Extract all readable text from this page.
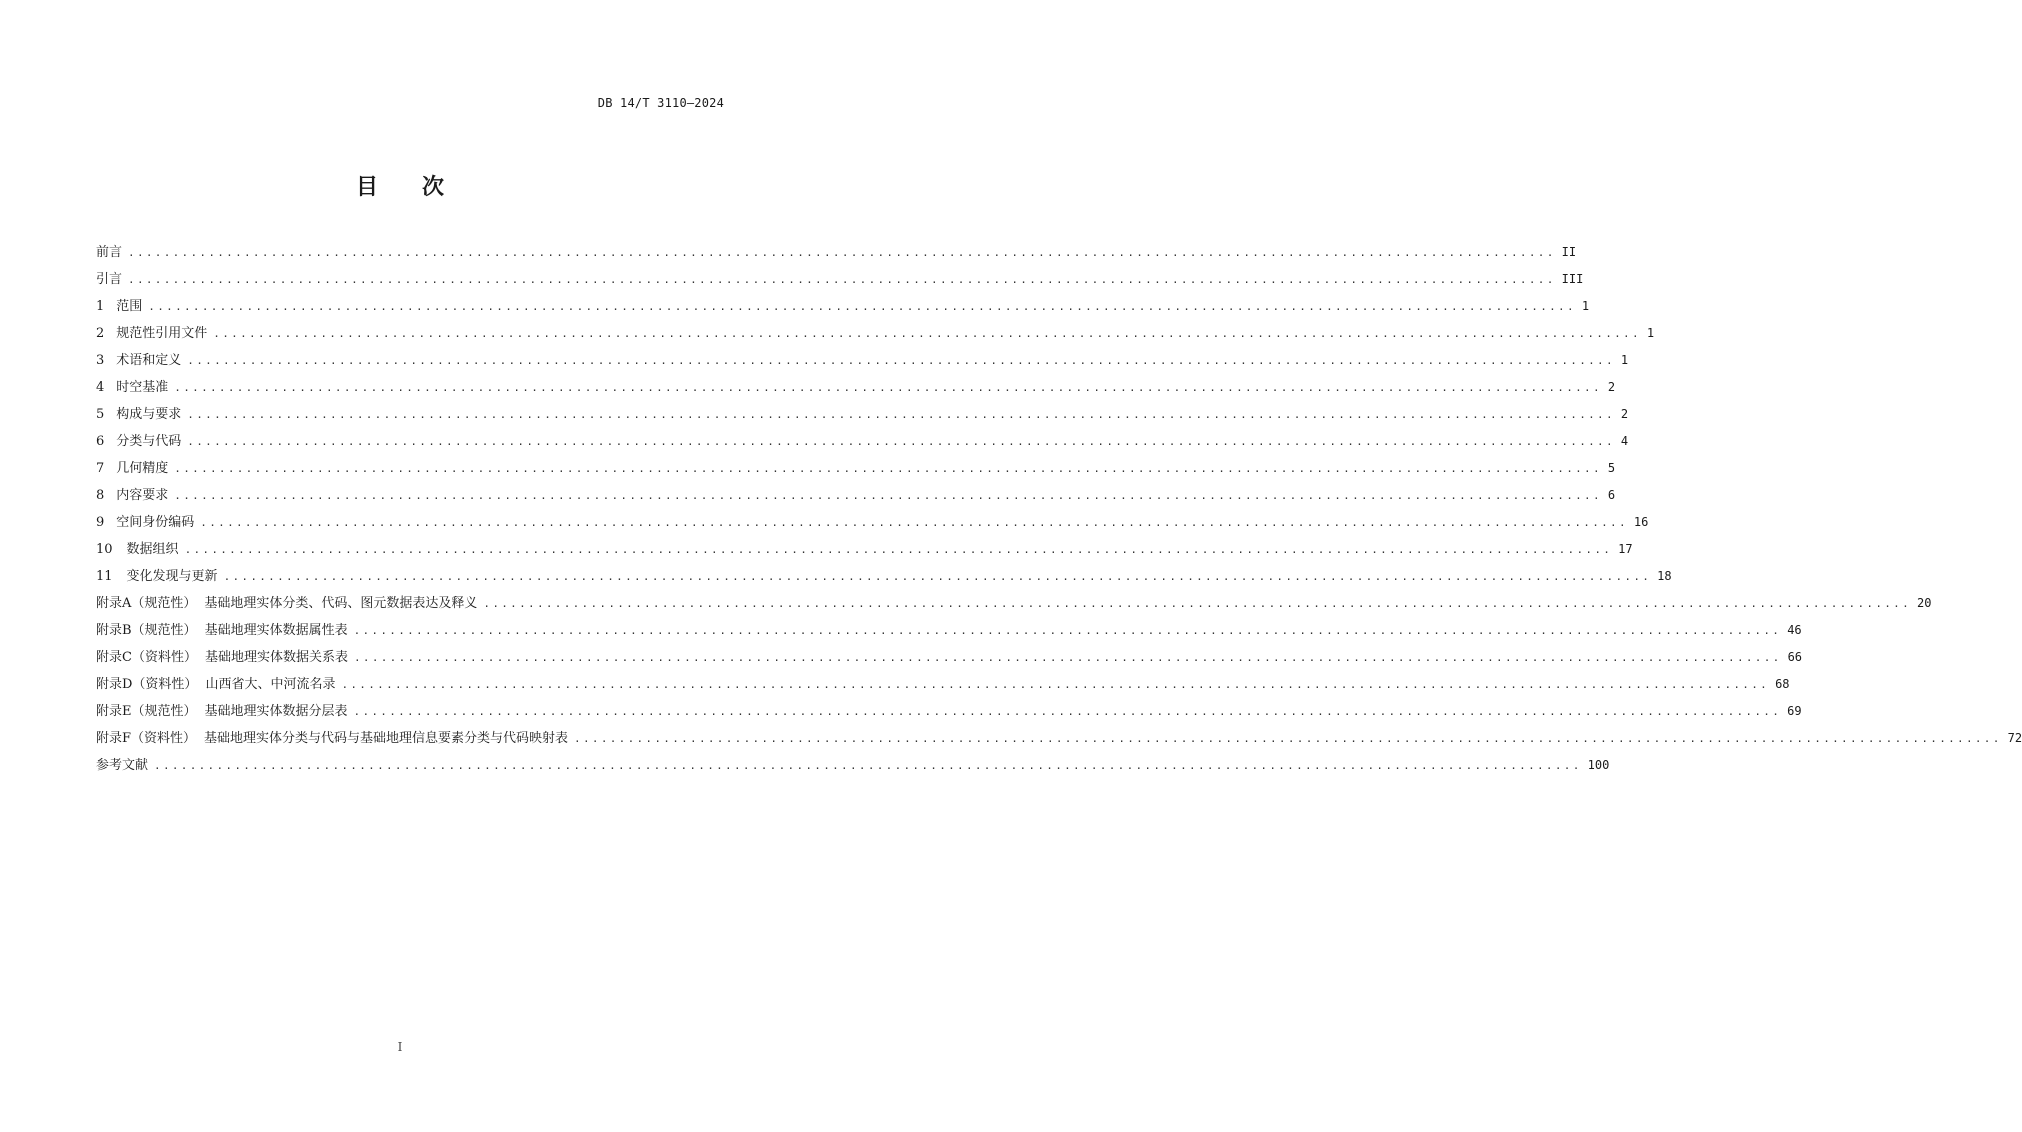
DB 14/T 3110—2024
目 次
前言 ................................................................................................................................................................ II
引言 ................................................................................................................................................................ III
1 范围 ................................................................................................................................................................ 1
2 规范性引用文件 ................................................................................................................................................................ 1
3 术语和定义 ................................................................................................................................................................ 1
4 时空基准 ................................................................................................................................................................ 2
5 构成与要求 ................................................................................................................................................................ 2
6 分类与代码 ................................................................................................................................................................ 4
7 几何精度 ................................................................................................................................................................ 5
8 内容要求 ................................................................................................................................................................ 6
9 空间身份编码 ................................................................................................................................................................ 16
10 数据组织 ................................................................................................................................................................ 17
11 变化发现与更新 ................................................................................................................................................................ 18
附录A（规范性） 基础地理实体分类、代码、图元数据表达及释义 ................................................................................................................................................................ 20
附录B（规范性） 基础地理实体数据属性表 ................................................................................................................................................................ 46
附录C（资料性） 基础地理实体数据关系表 ................................................................................................................................................................ 66
附录D（资料性） 山西省大、中河流名录 ................................................................................................................................................................ 68
附录E（规范性） 基础地理实体数据分层表 ................................................................................................................................................................ 69
附录F（资料性） 基础地理实体分类与代码与基础地理信息要素分类与代码映射表 ................................................................................................................................................................ 72
参考文献 ................................................................................................................................................................ 100
I
